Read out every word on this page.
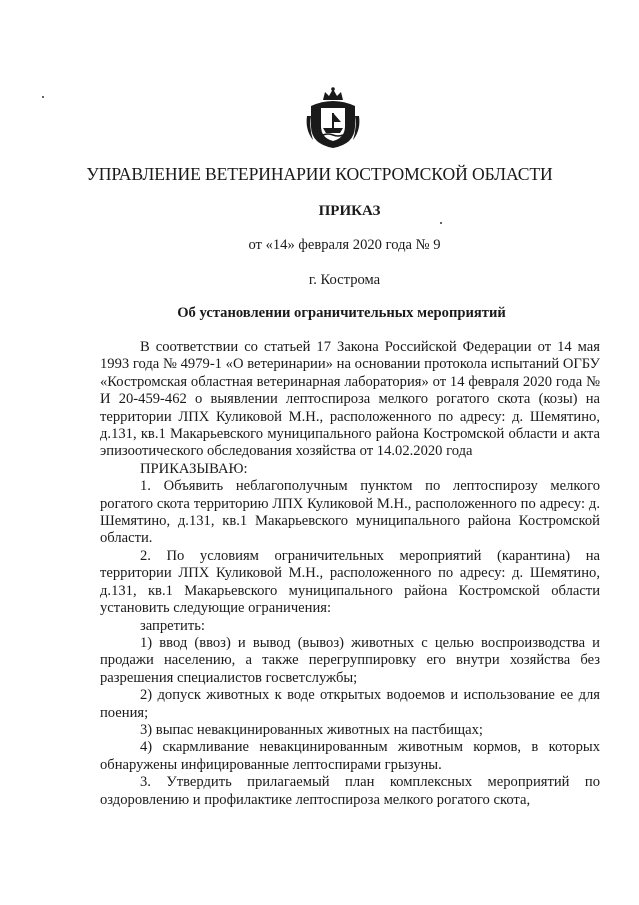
УПРАВЛЕНИЕ ВЕТЕРИНАРИИ КОСТРОМСКОЙ ОБЛАСТИ
ПРИКАЗ
от «14» февраля 2020 года № 9
г. Кострома
Об установлении ограничительных мероприятий

В соответствии со статьей 17 Закона Российской Федерации от 14 мая 1993 года № 4979-1 «О ветеринарии» на основании протокола испытаний ОГБУ «Костромская областная ветеринарная лаборатория» от 14 февраля 2020 года № И 20-459-462 о выявлении лептоспироза мелкого рогатого скота (козы) на территории ЛПХ Куликовой М.Н., расположенного по адресу: д. Шемятино, д.131, кв.1 Макарьевского муниципального района Костромской области и акта эпизоотического обследования хозяйства от 14.02.2020 года

ПРИКАЗЫВАЮ:

1. Объявить неблагополучным пунктом по лептоспирозу мелкого рогатого скота территорию ЛПХ Куликовой М.Н., расположенного по адресу: д. Шемятино, д.131, кв.1 Макарьевского муниципального района Костромской области.

2. По условиям ограничительных мероприятий (карантина) на территории ЛПХ Куликовой М.Н., расположенного по адресу: д. Шемятино, д.131, кв.1 Макарьевского муниципального района Костромской области установить следующие ограничения:

запретить:

1) ввод (ввоз) и вывод (вывоз) животных с целью воспроизводства и продажи населению, а также перегруппировку его внутри хозяйства без разрешения специалистов госветслужбы;

2) допуск животных к воде открытых водоемов и использование ее для поения;

3) выпас невакцинированных животных на пастбищах;

4) скармливание невакцинированным животным кормов, в которых обнаружены инфицированные лептоспирами грызуны.

3. Утвердить прилагаемый план комплексных мероприятий по оздоровлению и профилактике лептоспироза мелкого рогатого скота,
